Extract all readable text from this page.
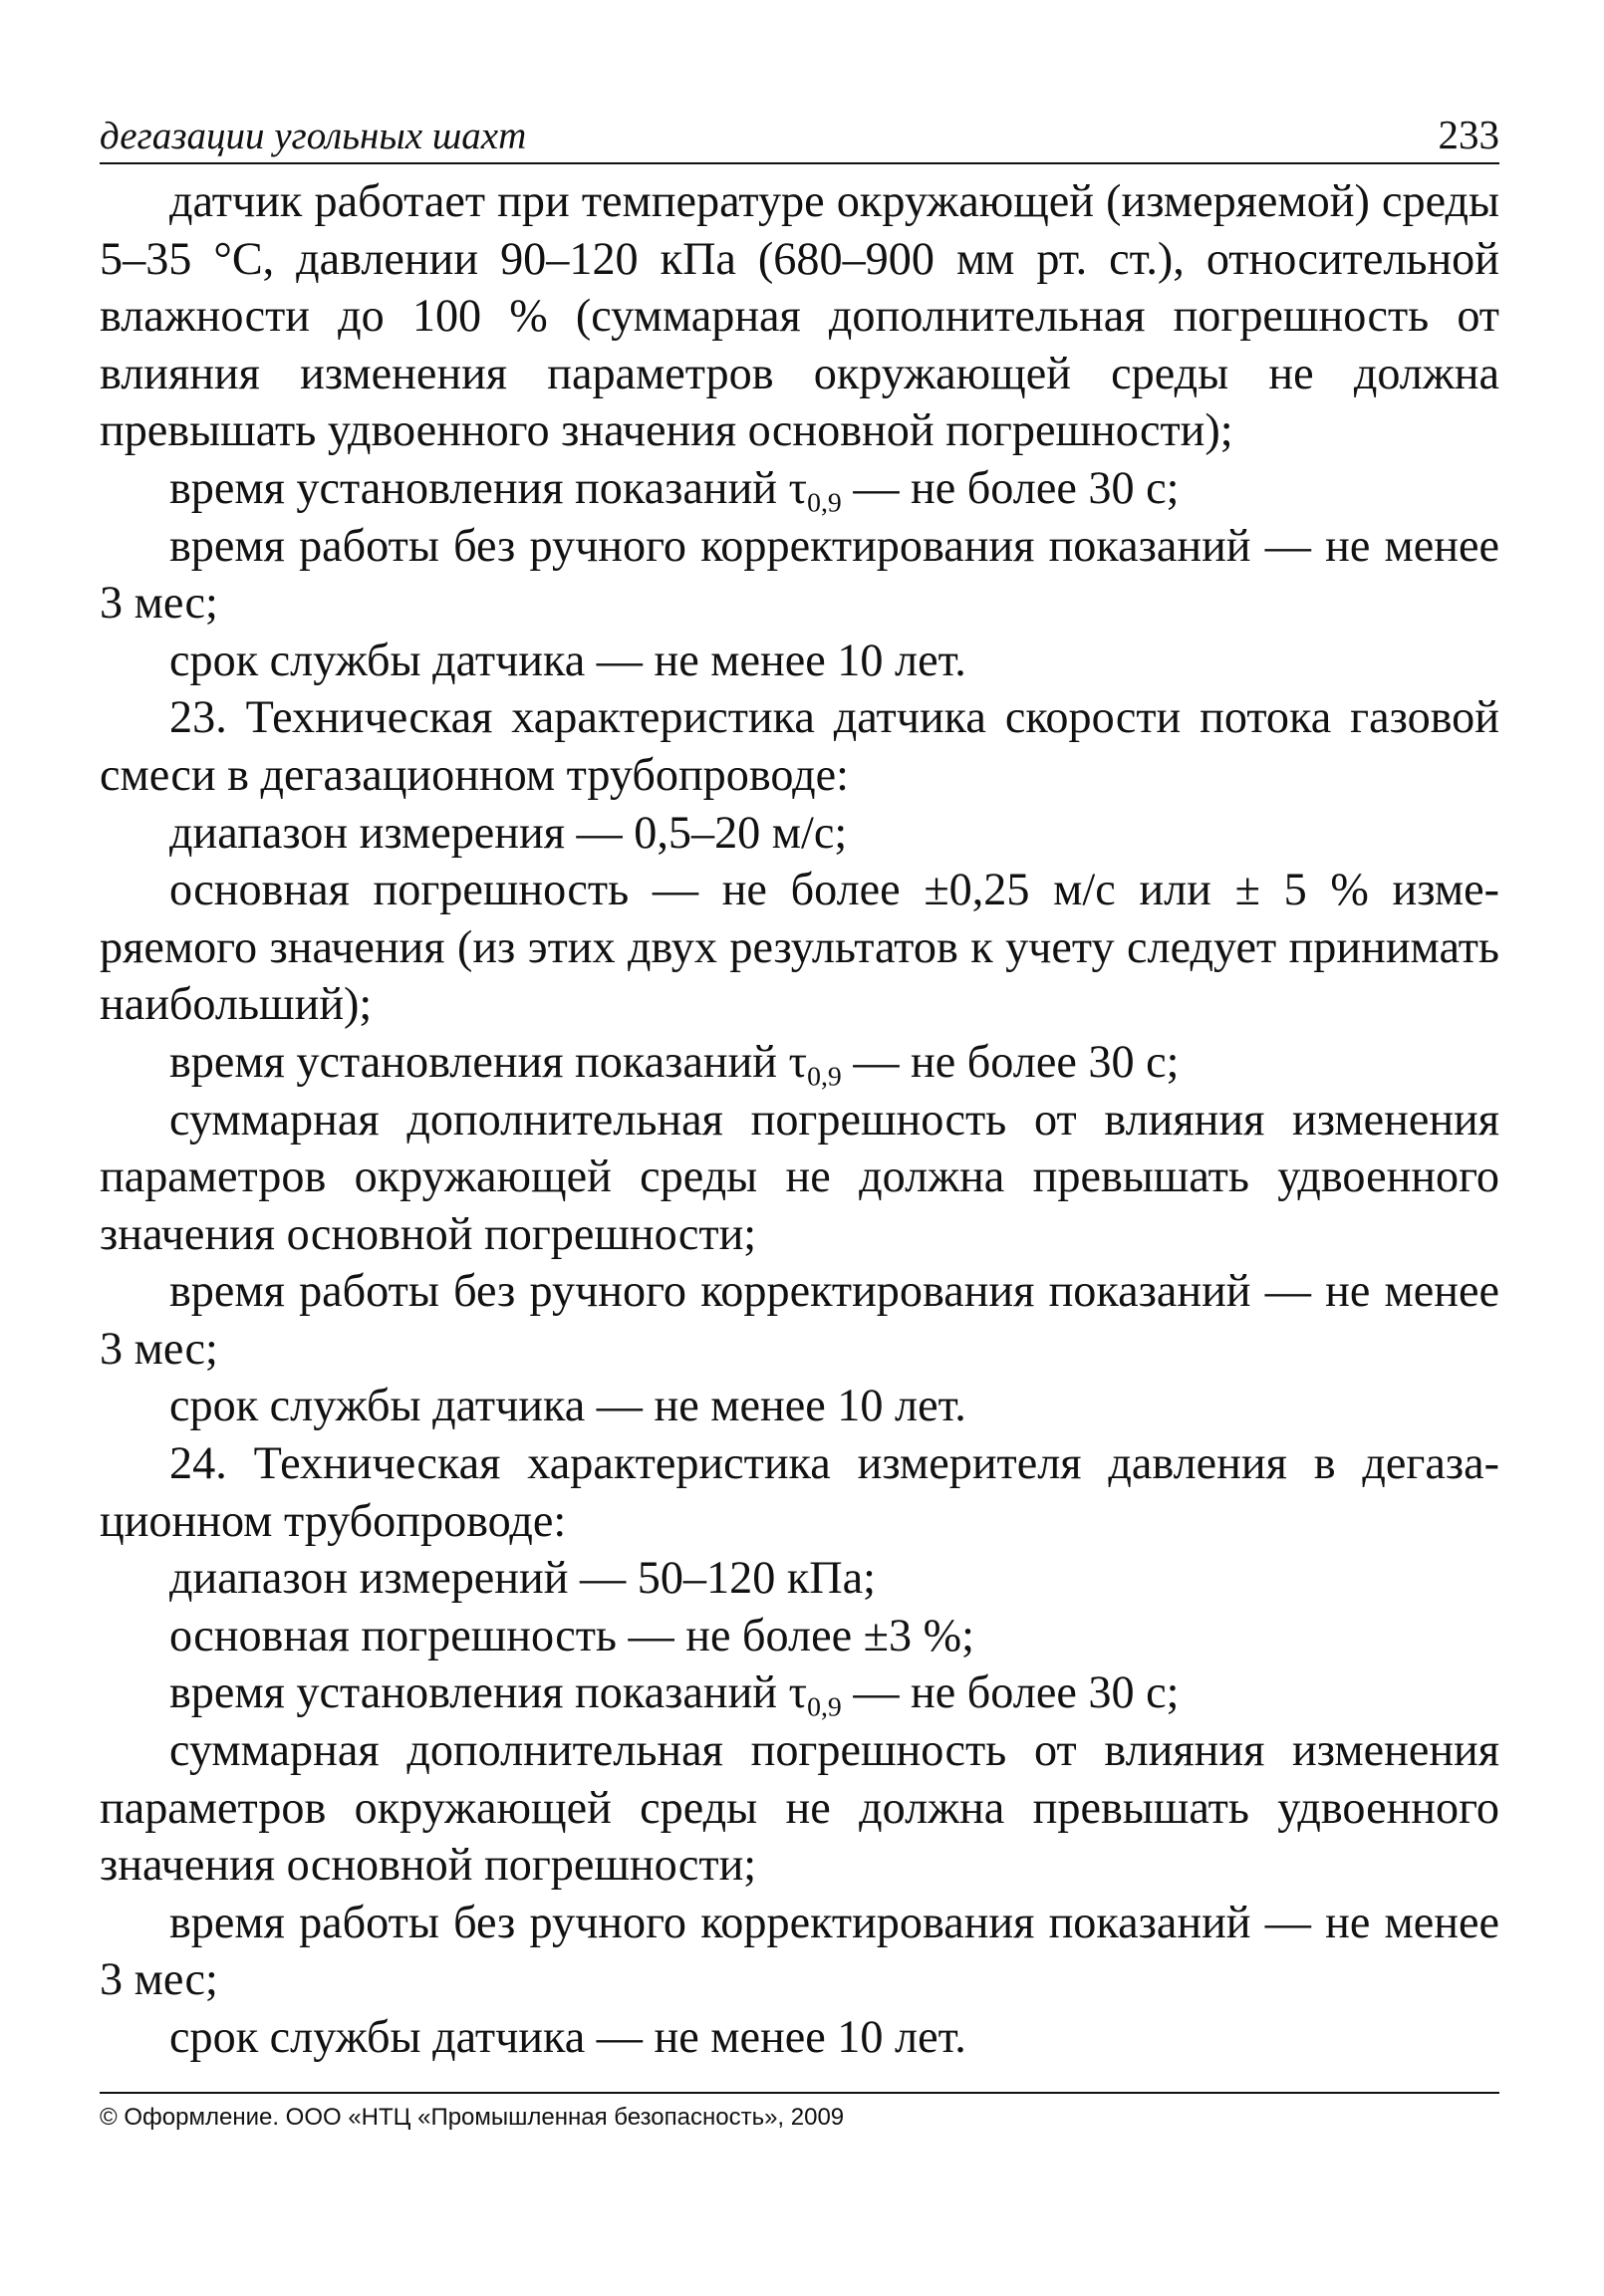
дегазации угольных шахт	233

датчик работает при температуре окружающей (измеряемой) среды 5–35 °С, давлении 90–120 кПа (680–900 мм рт. ст.), относительной влажности до 100 % (суммарная дополнительная погрешность от влияния изменения параметров окружающей среды не должна превышать удвоенного значения основной погрешности);

время установления показаний $\tau_{0,9}$ — не более 30 с;

время работы без ручного корректирования показаний — не менее 3 мес;

срок службы датчика — не менее 10 лет.

23. Техническая характеристика датчика скорости потока газовой смеси в дегазационном трубопроводе:

диапазон измерения — 0,5–20 м/с;

основная погрешность — не более ±0,25 м/с или ± 5 % измеряемого значения (из этих двух результатов к учету следует принимать наибольший);

время установления показаний $\tau_{0,9}$ — не более 30 с;

суммарная дополнительная погрешность от влияния изменения параметров окружающей среды не должна превышать удвоенного значения основной погрешности;

время работы без ручного корректирования показаний — не менее 3 мес;

срок службы датчика — не менее 10 лет.

24. Техническая характеристика измерителя давления в дегазационном трубопроводе:

диапазон измерений — 50–120 кПа;

основная погрешность — не более ±3 %;

время установления показаний $\tau_{0,9}$ — не более 30 с;

суммарная дополнительная погрешность от влияния изменения параметров окружающей среды не должна превышать удвоенного значения основной погрешности;

время работы без ручного корректирования показаний — не менее 3 мес;

срок службы датчика — не менее 10 лет.

© Оформление. ООО «НТЦ «Промышленная безопасность», 2009
